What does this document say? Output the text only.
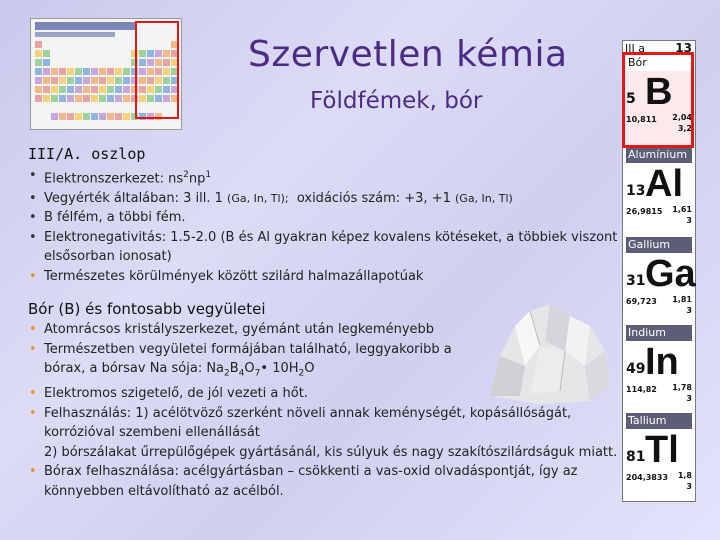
Szervetlen kémia
Földfémek, bór
III/A. oszlop
• Elektronszerkezet: $ns^2np^1$
• Vegyérték általában: 3 ill. 1 (Ga, In, Tl);  oxidációs szám: +3, +1 (Ga, In, Tl)
• B félfém, a többi fém.
• Elektronegativitás: 1.5-2.0 (B és Al gyakran képez kovalens kötéseket, a többiek viszont elsősorban ionosat)
• Természetes körülmények között szilárd halmazállapotúak
Bór (B) és fontosabb vegyületei
• Atomrácsos kristályszerkezet, gyémánt után legkeményebb
• Természetben vegyületei formájában található, leggyakoribb a
bórax, a bórsav Na sója: $Na_2B_4O_7•$ $10H_2O$
• Elektromos szigetelő, de jól vezeti a hőt.
• Felhasználás: 1) acélötvöző szerként növeli annak keménységét, kopásállóságát, korrózióval szembeni ellenállását
2) bórszálakat űrrepülőgépek gyártásánál, kis súlyuk és nagy szakítószilárdságuk miatt.
• Bórax felhasználása: acélgyártásban – csökkenti a vas-oxid olvadáspontját, így az könnyebben eltávolítható az acélból.
III a	13
Bór
5 B
10,811 2,04
3,2
Alumínium
13 Al
26,9815 1,61
3
Gallium
31 Ga
69,723 1,81
3
Indium
49 In
114,82 1,78
3
Tallium
81 Tl
204,3833 1,8
3
